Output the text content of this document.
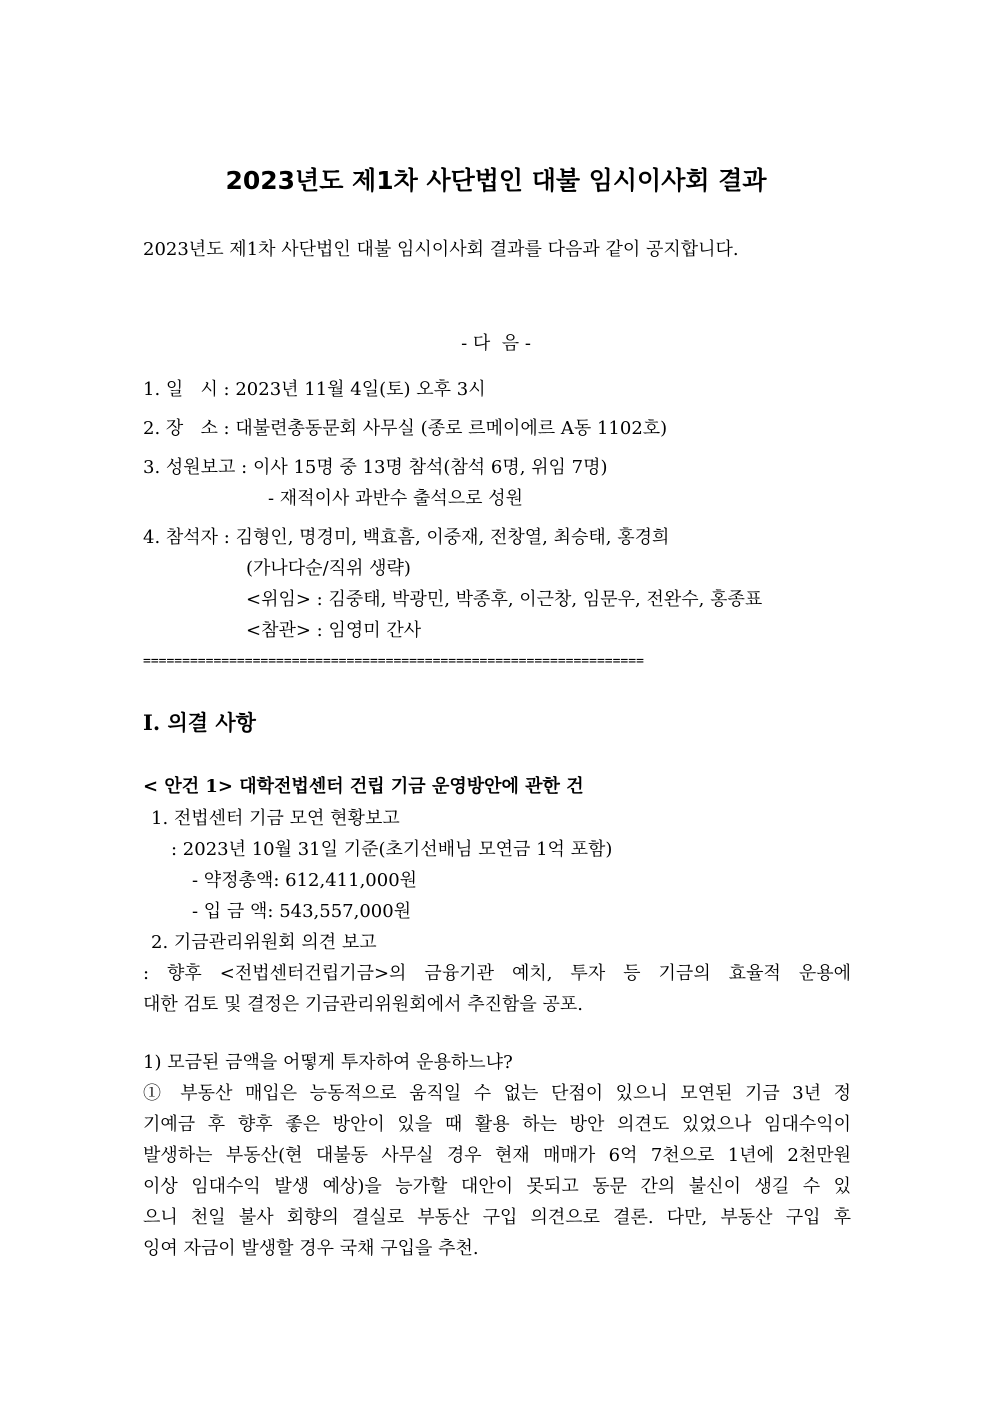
2023년도 제1차 사단법인 대불 임시이사회 결과
2023년도 제1차 사단법인 대불 임시이사회 결과를 다음과 같이 공지합니다.
- 다  음 -
1. 일   시 : 2023년 11월 4일(토) 오후 3시
2. 장   소 : 대불련총동문회 사무실 (종로 르메이에르 A동 1102호)
3. 성원보고 : 이사 15명 중 13명 참석(참석 6명, 위임 7명)
- 재적이사 과반수 출석으로 성원
4. 참석자 : 김형인, 명경미, 백효흠, 이중재, 전창열, 최승태, 홍경희
(가나다순/직위 생략)
<위임> : 김중태, 박광민, 박종후, 이근창, 임문우, 전완수, 홍종표
<참관> : 임영미 간사
================================================================
Ⅰ. 의결 사항
< 안건 1> 대학전법센터 건립 기금 운영방안에 관한 건
1. 전법센터 기금 모연 현황보고
: 2023년 10월 31일 기준(초기선배님 모연금 1억 포함)
- 약정총액: 612,411,000원
- 입 금 액: 543,557,000원
2. 기금관리위원회 의견 보고
: 향후 <전법센터건립기금>의 금융기관 예치, 투자 등 기금의 효율적 운용에
대한 검토 및 결정은 기금관리위원회에서 추진함을 공포.
1) 모금된 금액을 어떻게 투자하여 운용하느냐?
① 부동산 매입은 능동적으로 움직일 수 없는 단점이 있으니 모연된 기금 3년 정
기예금 후 향후 좋은 방안이 있을 때 활용 하는 방안 의견도 있었으나 임대수익이
발생하는 부동산(현 대불동 사무실 경우 현재 매매가 6억 7천으로 1년에 2천만원
이상 임대수익 발생 예상)을 능가할 대안이 못되고 동문 간의 불신이 생길 수 있
으니 천일 불사 회향의 결실로 부동산 구입 의견으로 결론. 다만, 부동산 구입 후
잉여 자금이 발생할 경우 국채 구입을 추천.
